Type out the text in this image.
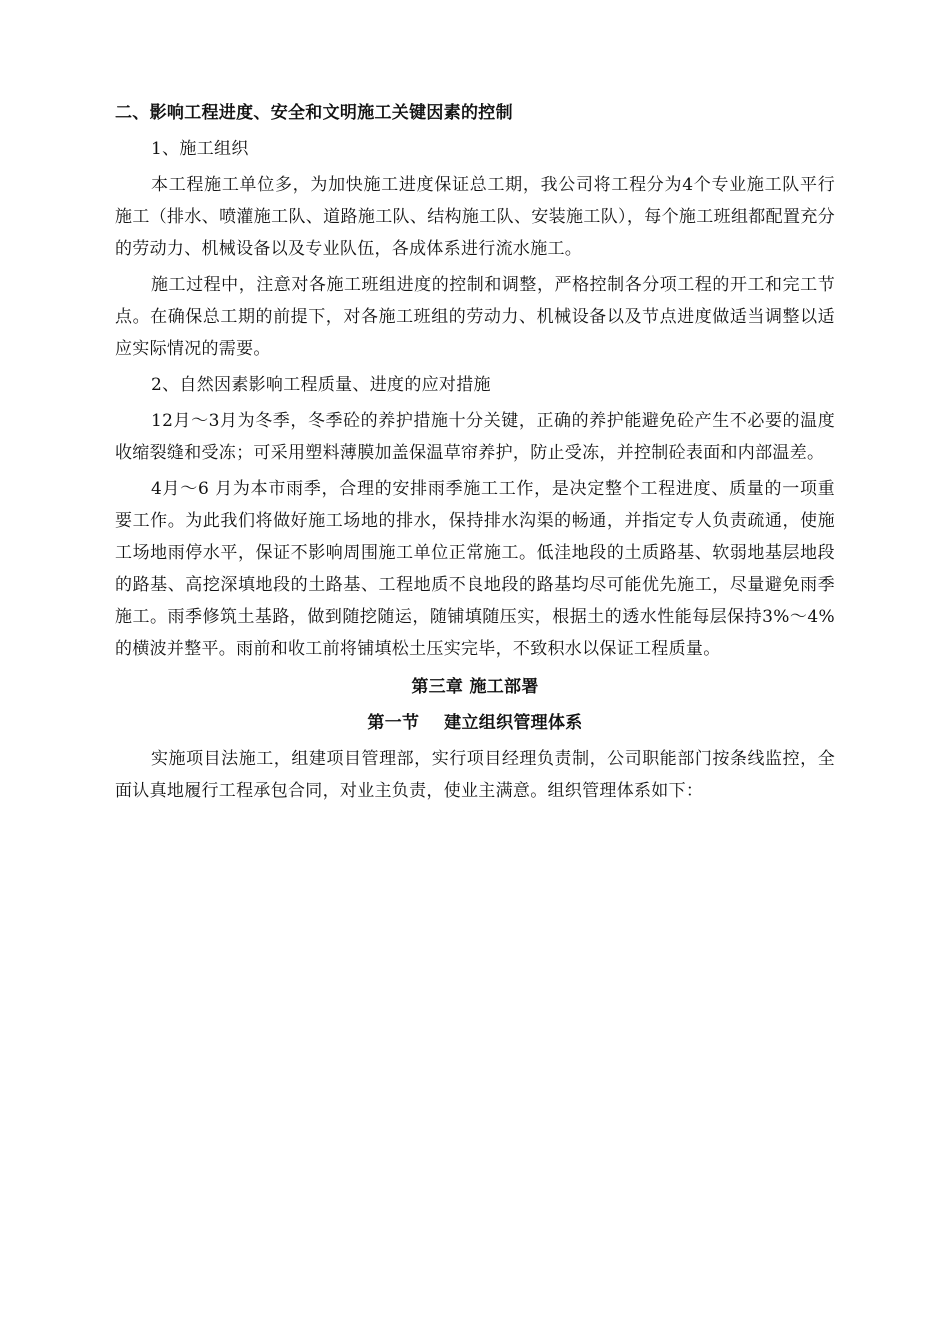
二、影响工程进度、安全和文明施工关键因素的控制

1、施工组织

本工程施工单位多，为加快施工进度保证总工期，我公司将工程分为4个专业施工队平行施工（排水、喷灌施工队、道路施工队、结构施工队、安装施工队），每个施工班组都配置充分的劳动力、机械设备以及专业队伍，各成体系进行流水施工。

施工过程中，注意对各施工班组进度的控制和调整，严格控制各分项工程的开工和完工节点。在确保总工期的前提下，对各施工班组的劳动力、机械设备以及节点进度做适当调整以适应实际情况的需要。

2、自然因素影响工程质量、进度的应对措施

12月～3月为冬季，冬季砼的养护措施十分关键，正确的养护能避免砼产生不必要的温度收缩裂缝和受冻；可采用塑料薄膜加盖保温草帘养护，防止受冻，并控制砼表面和内部温差。

4月～6 月为本市雨季，合理的安排雨季施工工作，是决定整个工程进度、质量的一项重要工作。为此我们将做好施工场地的排水，保持排水沟渠的畅通，并指定专人负责疏通，使施工场地雨停水平，保证不影响周围施工单位正常施工。低洼地段的土质路基、软弱地基层地段的路基、高挖深填地段的土路基、工程地质不良地段的路基均尽可能优先施工，尽量避免雨季施工。雨季修筑土基路，做到随挖随运，随铺填随压实，根据土的透水性能每层保持3%～4%的横波并整平。雨前和收工前将铺填松土压实完毕，不致积水以保证工程质量。

第三章 施工部署

第一节    建立组织管理体系

实施项目法施工，组建项目管理部，实行项目经理负责制，公司职能部门按条线监控，全面认真地履行工程承包合同，对业主负责，使业主满意。组织管理体系如下：
